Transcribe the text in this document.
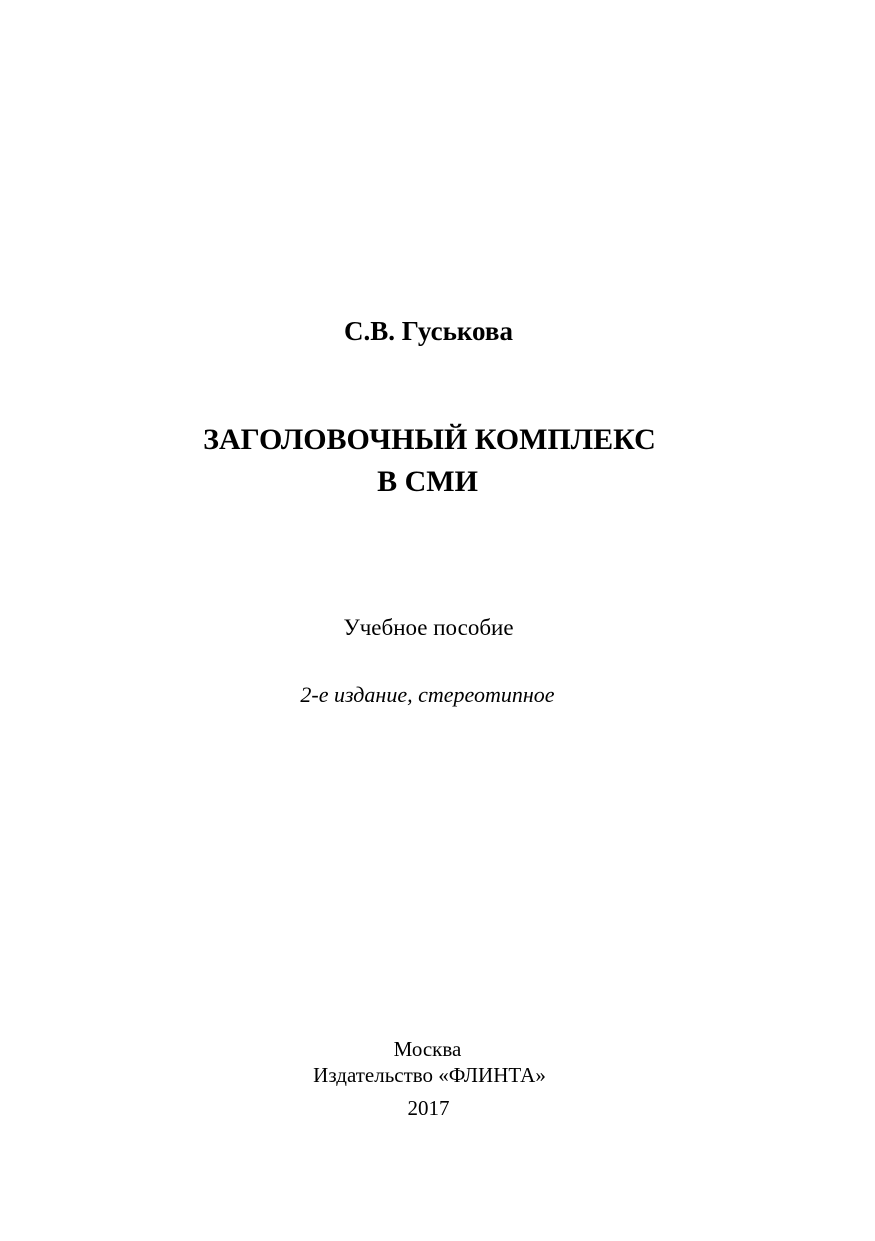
С.В. Гуськова
ЗАГОЛОВОЧНЫЙ КОМПЛЕКС
В СМИ
Учебное пособие
2-е издание, стереотипное
Москва
Издательство «ФЛИНТА»
2017
